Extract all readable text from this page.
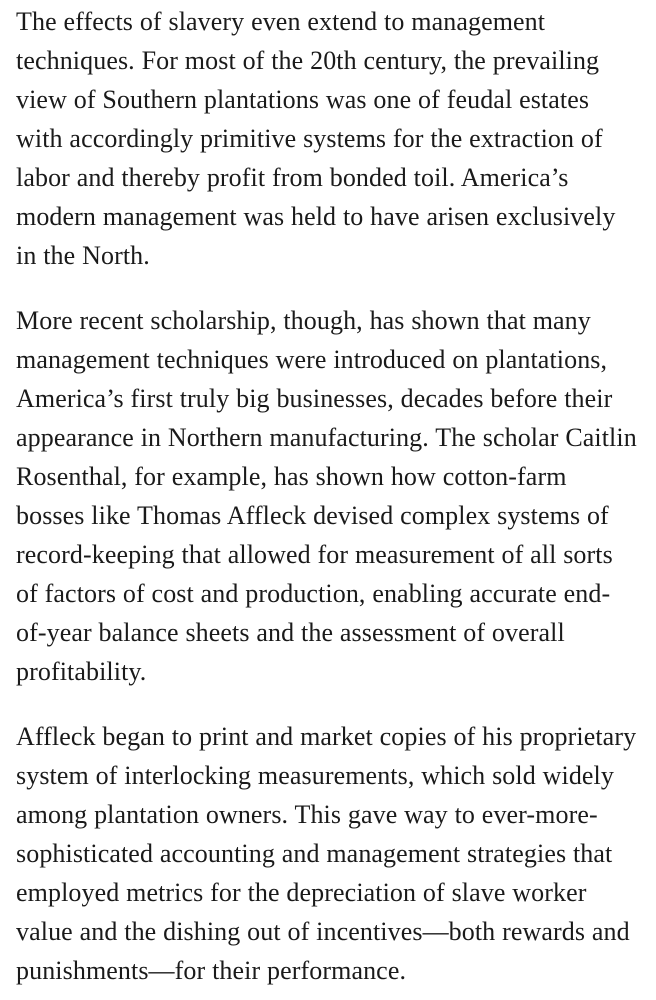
The effects of slavery even extend to management techniques. For most of the 20th century, the prevailing view of Southern plantations was one of feudal estates with accordingly primitive systems for the extraction of labor and thereby profit from bonded toil. America’s modern management was held to have arisen exclusively in the North.

More recent scholarship, though, has shown that many management techniques were introduced on plantations, America’s first truly big businesses, decades before their appearance in Northern manufacturing. The scholar Caitlin Rosenthal, for example, has shown how cotton-farm bosses like Thomas Affleck devised complex systems of record-keeping that allowed for measurement of all sorts of factors of cost and production, enabling accurate end-of-year balance sheets and the assessment of overall profitability.

Affleck began to print and market copies of his proprietary system of interlocking measurements, which sold widely among plantation owners. This gave way to ever-more-sophisticated accounting and management strategies that employed metrics for the depreciation of slave worker value and the dishing out of incentives—both rewards and punishments—for their performance.
